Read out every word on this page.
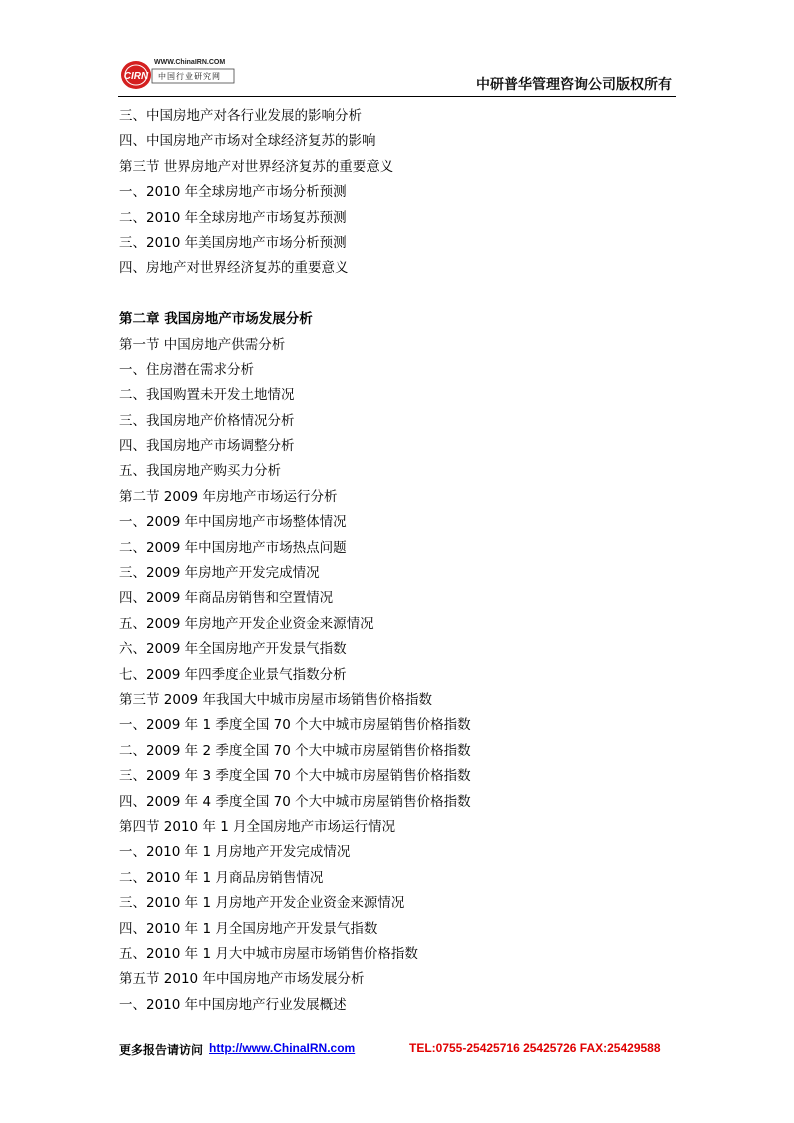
CIRN
WWW.ChinaIRN.COM
中国行业研究网
中研普华管理咨询公司版权所有
三、中国房地产对各行业发展的影响分析
四、中国房地产市场对全球经济复苏的影响
第三节 世界房地产对世界经济复苏的重要意义
一、2010 年全球房地产市场分析预测
二、2010 年全球房地产市场复苏预测
三、2010 年美国房地产市场分析预测
四、房地产对世界经济复苏的重要意义
第二章 我国房地产市场发展分析
第一节 中国房地产供需分析
一、住房潜在需求分析
二、我国购置未开发土地情况
三、我国房地产价格情况分析
四、我国房地产市场调整分析
五、我国房地产购买力分析
第二节 2009 年房地产市场运行分析
一、2009 年中国房地产市场整体情况
二、2009 年中国房地产市场热点问题
三、2009 年房地产开发完成情况
四、2009 年商品房销售和空置情况
五、2009 年房地产开发企业资金来源情况
六、2009 年全国房地产开发景气指数
七、2009 年四季度企业景气指数分析
第三节 2009 年我国大中城市房屋市场销售价格指数
一、2009 年 1 季度全国 70 个大中城市房屋销售价格指数
二、2009 年 2 季度全国 70 个大中城市房屋销售价格指数
三、2009 年 3 季度全国 70 个大中城市房屋销售价格指数
四、2009 年 4 季度全国 70 个大中城市房屋销售价格指数
第四节 2010 年 1 月全国房地产市场运行情况
一、2010 年 1 月房地产开发完成情况
二、2010 年 1 月商品房销售情况
三、2010 年 1 月房地产开发企业资金来源情况
四、2010 年 1 月全国房地产开发景气指数
五、2010 年 1 月大中城市房屋市场销售价格指数
第五节 2010 年中国房地产市场发展分析
一、2010 年中国房地产行业发展概述
更多报告请访问 http://www.ChinaIRN.com	TEL:0755-25425716 25425726 FAX:25429588
